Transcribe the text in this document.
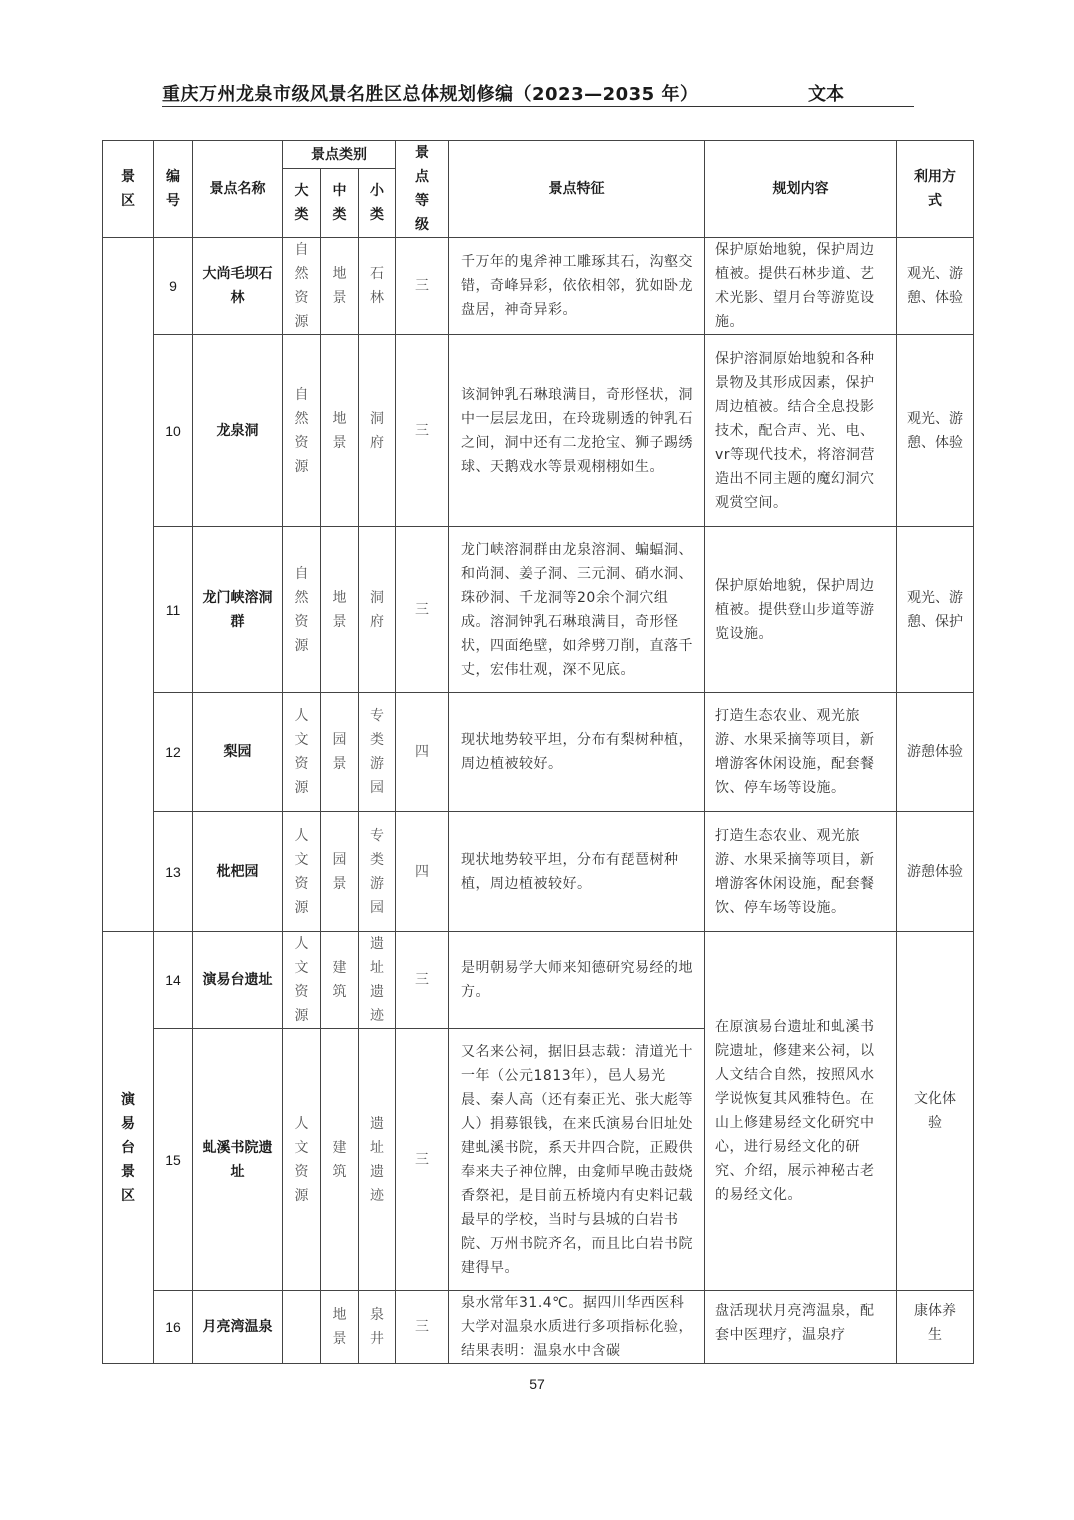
重庆万州龙泉市级风景名胜区总体规划修编（2023—2035 年）	文本
景区	编号	景点名称	景点类别			景点等级	景点特征	规划内容	利用方式
			大类	中类	小类				
	9	大尚毛坝石林	自然资源	地景	石林	三	千万年的鬼斧神工雕琢其石，沟壑交错，奇峰异彩，依依相邻，犹如卧龙盘居，神奇异彩。	保护原始地貌，保护周边植被。提供石林步道、艺术光影、望月台等游览设施。	观光、游憩、体验
	10	龙泉洞	自然资源	地景	洞府	三	该洞钟乳石琳琅满目，奇形怪状，洞中一层层龙田，在玲珑剔透的钟乳石之间，洞中还有二龙抢宝、狮子踢绣球、天鹅戏水等景观栩栩如生。	保护溶洞原始地貌和各种景物及其形成因素，保护周边植被。结合全息投影技术，配合声、光、电、vr等现代技术，将溶洞营造出不同主题的魔幻洞穴观赏空间。	观光、游憩、体验
	11	龙门峡溶洞群	自然资源	地景	洞府	三	龙门峡溶洞群由龙泉溶洞、蝙蝠洞、和尚洞、姜子洞、三元洞、硝水洞、珠砂洞、千龙洞等20余个洞穴组成。溶洞钟乳石琳琅满目，奇形怪状，四面绝壁，如斧劈刀削，直落千丈，宏伟壮观，深不见底。	保护原始地貌，保护周边植被。提供登山步道等游览设施。	观光、游憩、保护
	12	梨园	人文资源	园景	专类游园	四	现状地势较平坦，分布有梨树种植，周边植被较好。	打造生态农业、观光旅游、水果采摘等项目，新增游客休闲设施，配套餐饮、停车场等设施。	游憩体验
	13	枇杷园	人文资源	园景	专类游园	四	现状地势较平坦，分布有琵琶树种植，周边植被较好。	打造生态农业、观光旅游、水果采摘等项目，新增游客休闲设施，配套餐饮、停车场等设施。	游憩体验
演易台景区	14	演易台遗址	人文资源	建筑	遗址遗迹	三	是明朝易学大师来知德研究易经的地方。	在原演易台遗址和虬溪书院遗址，修建来公祠，以人文结合自然，按照风水学说恢复其风雅特色。在山上修建易经文化研究中心，进行易经文化的研究、介绍，展示神秘古老的易经文化。	文化体验
	15	虬溪书院遗址	人文资源	建筑	遗址遗迹	三	又名来公祠，据旧县志载：清道光十一年（公元1813年），邑人易光晨、秦人高（还有秦正光、张大彪等人）捐募银钱，在来氏演易台旧址处建虬溪书院，系天井四合院，正殿供奉来夫子神位牌，由龛师早晚击鼓烧香祭祀，是目前五桥境内有史料记载最早的学校，当时与县城的白岩书院、万州书院齐名，而且比白岩书院建得早。		
	16	月亮湾温泉		地景	泉井	三	泉水常年31.4℃。据四川华西医科大学对温泉水质进行多项指标化验，结果表明：温泉水中含碳	盘活现状月亮湾温泉，配套中医理疗，温泉疗	康体养生
57
